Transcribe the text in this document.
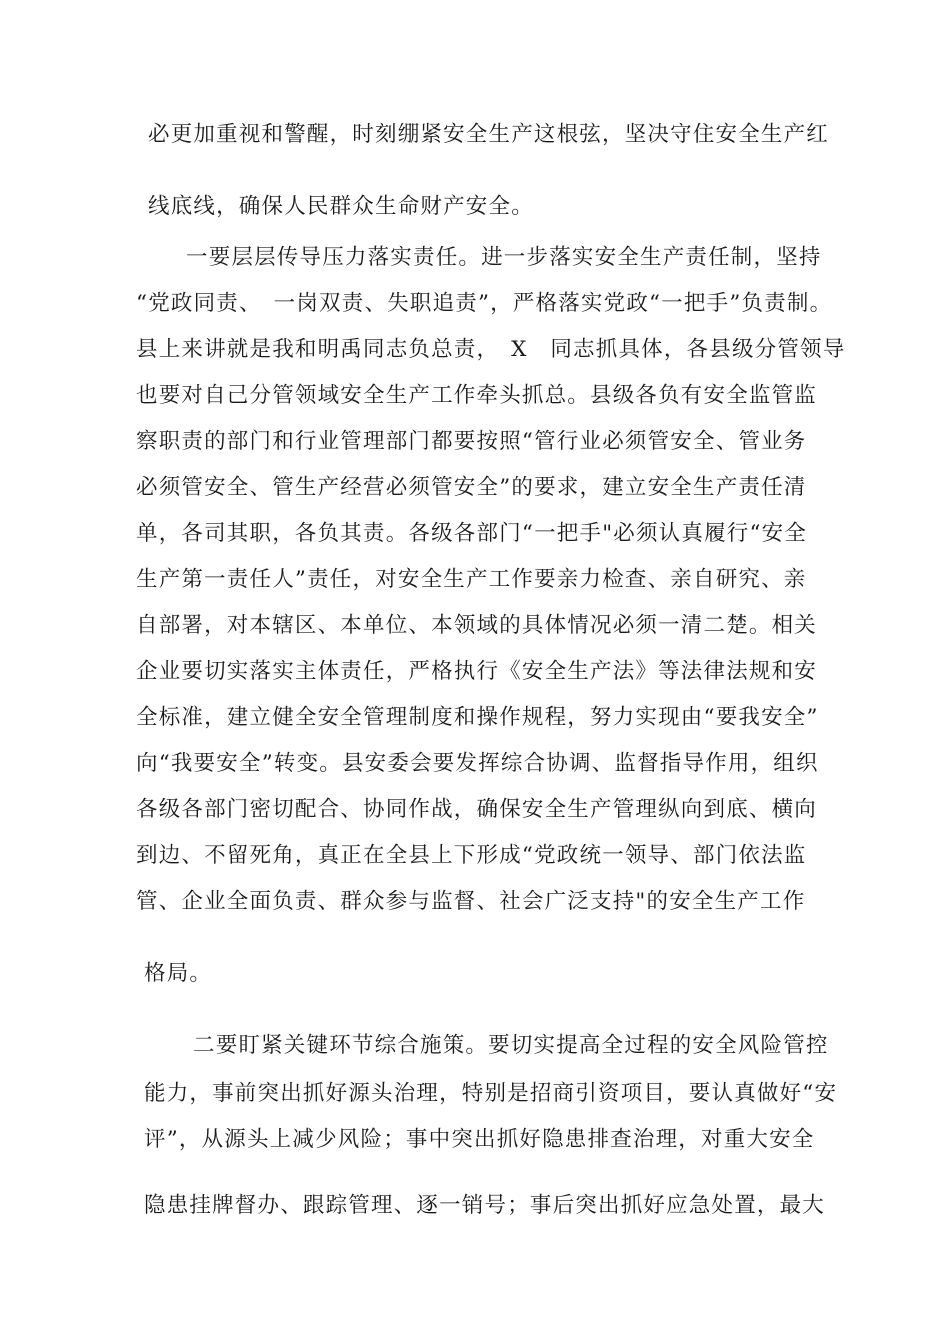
必更加重视和警醒，时刻绷紧安全生产这根弦，坚决守住安全生产红
线底线，确保人民群众生命财产安全。
一要层层传导压力落实责任。进一步落实安全生产责任制，坚持
“党政同责、　一岗双责、失职追责”，严格落实党政“一把手”负责制。
县上来讲就是我和明禹同志负总责，　X　同志抓具体，各县级分管领导
也要对自己分管领域安全生产工作牵头抓总。县级各负有安全监管监
察职责的部门和行业管理部门都要按照“管行业必须管安全、管业务
必须管安全、管生产经营必须管安全”的要求，建立安全生产责任清
单，各司其职，各负其责。各级各部门“一把手"必须认真履行“安全
生产第一责任人”责任，对安全生产工作要亲力检查、亲自研究、亲
自部署，对本辖区、本单位、本领域的具体情况必须一清二楚。相关
企业要切实落实主体责任，严格执行《安全生产法》等法律法规和安
全标准，建立健全安全管理制度和操作规程，努力实现由“要我安全”
向“我要安全”转变。县安委会要发挥综合协调、监督指导作用，组织
各级各部门密切配合、协同作战，确保安全生产管理纵向到底、横向
到边、不留死角，真正在全县上下形成“党政统一领导、部门依法监
管、企业全面负责、群众参与监督、社会广泛支持"的安全生产工作
格局。
二要盯紧关键环节综合施策。要切实提高全过程的安全风险管控
能力，事前突出抓好源头治理，特别是招商引资项目，要认真做好“安
评”，从源头上减少风险；事中突出抓好隐患排查治理，对重大安全
隐患挂牌督办、跟踪管理、逐一销号；事后突出抓好应急处置，最大
